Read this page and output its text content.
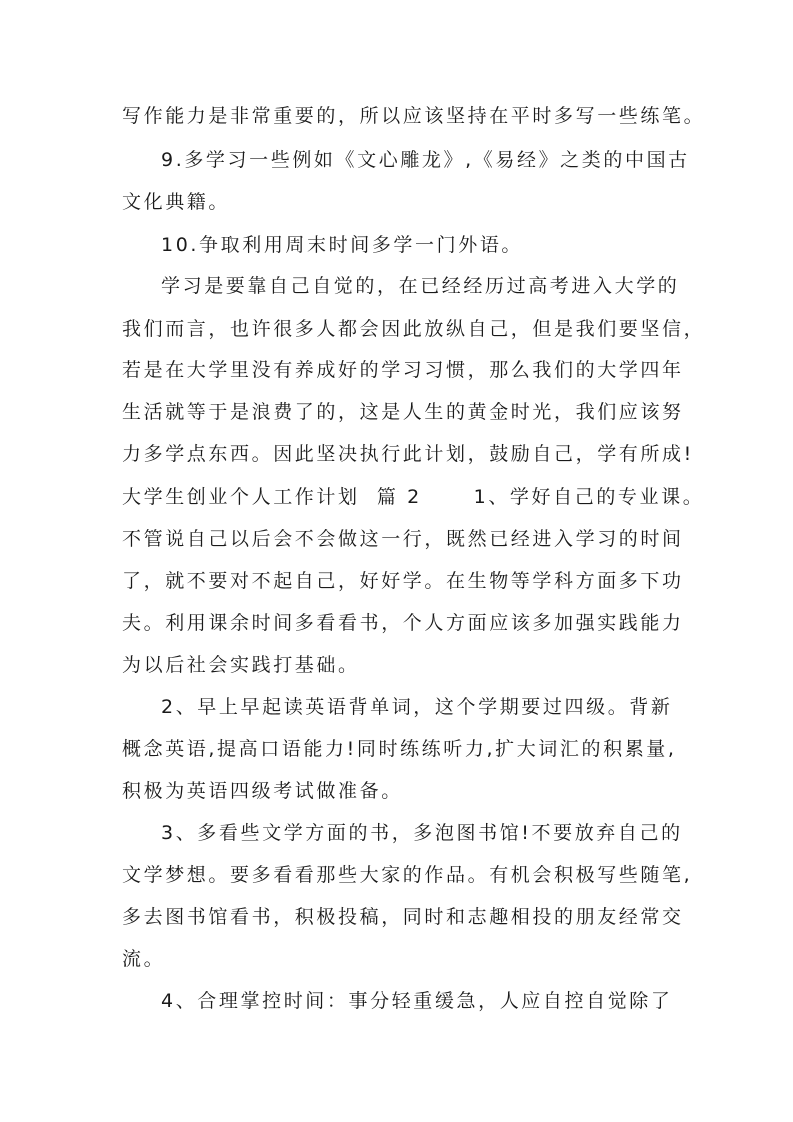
写作能力是非常重要的，所以应该坚持在平时多写一些练笔。
9.多学习一些例如《文心雕龙》,《易经》之类的中国古
文化典籍。
10.争取利用周末时间多学一门外语。
学习是要靠自己自觉的，在已经经历过高考进入大学的
我们而言，也许很多人都会因此放纵自己，但是我们要坚信，
若是在大学里没有养成好的学习习惯，那么我们的大学四年
生活就等于是浪费了的，这是人生的黄金时光，我们应该努
力多学点东西。因此坚决执行此计划，鼓励自己，学有所成!
大学生创业个人工作计划  篇 2      1、学好自己的专业课。
不管说自己以后会不会做这一行，既然已经进入学习的时间
了，就不要对不起自己，好好学。在生物等学科方面多下功
夫。利用课余时间多看看书，个人方面应该多加强实践能力
为以后社会实践打基础。
2、早上早起读英语背单词，这个学期要过四级。背新
概念英语,提高口语能力!同时练练听力,扩大词汇的积累量,
积极为英语四级考试做准备。
3、多看些文学方面的书，多泡图书馆!不要放弃自己的
文学梦想。要多看看那些大家的作品。有机会积极写些随笔,
多去图书馆看书，积极投稿，同时和志趣相投的朋友经常交
流。
4、合理掌控时间：事分轻重缓急，人应自控自觉除了
